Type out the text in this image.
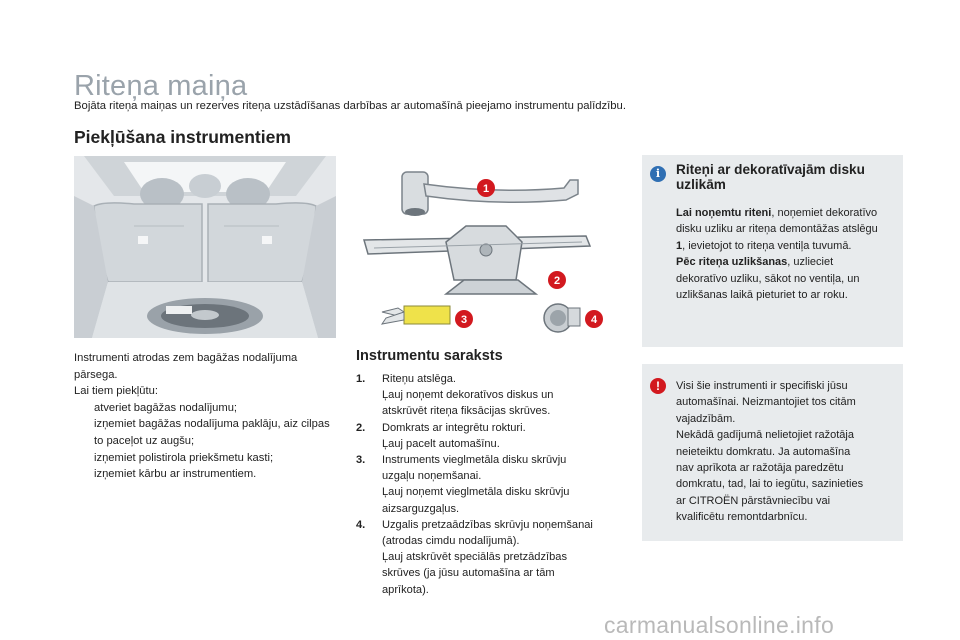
Riteņa maiņa
Bojāta riteņa maiņas un rezerves riteņa uzstādīšanas darbības ar automašīnā pieejamo instrumentu palīdzību.
Piekļūšana instrumentiem
Instrumenti atrodas zem bagāžas nodalījuma
pārsega.
Lai tiem piekļūtu:
atveriet bagāžas nodalījumu;
izņemiet bagāžas nodalījuma paklāju, aiz cilpas to paceļot uz augšu;
izņemiet polistirola priekšmetu kasti;
izņemiet kārbu ar instrumentiem.
1
2
3	4
Instrumentu saraksts
1.	Riteņu atslēga.
Ļauj noņemt dekoratīvos diskus un
atskrūvēt riteņa fiksācijas skrūves.
2.	Domkrats ar integrētu rokturi.
Ļauj pacelt automašīnu.
3.	Instruments vieglmetāla disku skrūvju
uzgaļu noņemšanai.
Ļauj noņemt vieglmetāla disku skrūvju
aizsarguzgaļus.
4.	Uzgalis pretzaādzības skrūvju noņemšanai
(atrodas cimdu nodalījumā).
Ļauj atskrūvēt speciālās pretzādzības
skrūves (ja jūsu automašīna ar tām
aprīkota).
i	Riteņi ar dekoratīvajām disku uzlikām
Lai noņemtu riteni, noņemiet dekoratīvo disku uzliku ar riteņa demontāžas atslēgu 1, ievietojot to riteņa ventiļa tuvumā.
Pēc riteņa uzlikšanas, uzlieciet dekoratīvo uzliku, sākot no ventiļa, un uzlikšanas laikā pieturiet to ar roku.
!	Visi šie instrumenti ir specifiski jūsu
automašīnai. Neizmantojiet tos citām
vajadzībām.
Nekādā gadījumā nelietojiet ražotāja
neieteiktu domkratu. Ja automašīna
nav aprīkota ar ražotāja paredzētu
domkratu, tad, lai to iegūtu, sazinieties
ar CITROËN pārstāvniecību vai
kvalificētu remontdarbnīcu.
carmanualsonline.info
